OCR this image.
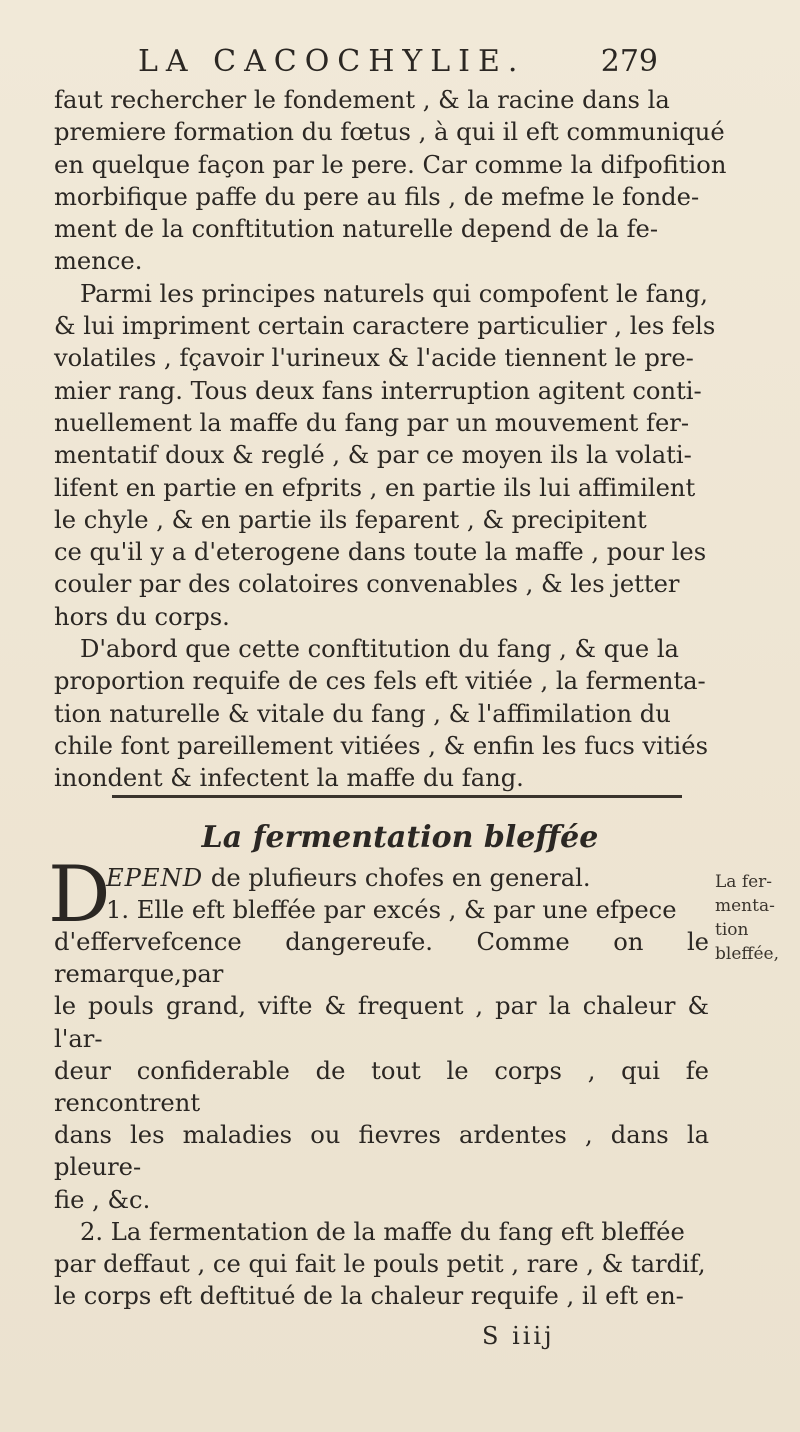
LA CACOCHYLIE.	279

faut rechercher le fondement , & la racine dans la
premiere formation du fœtus , à qui il eft communiqué
en quelque façon par le pere. Car comme la difpofition
morbifique paffe du pere au fils , de mefme le fonde-
ment de la conftitution naturelle depend de la fe-
mence.

Parmi les principes naturels qui compofent le fang,
& lui impriment certain caractere particulier , les fels
volatiles , fçavoir l'urineux & l'acide tiennent le pre-
mier rang. Tous deux fans interruption agitent conti-
nuellement la maffe du fang par un mouvement fer-
mentatif doux & reglé , & par ce moyen ils la volati-
lifent en partie en efprits , en partie ils lui affimilent
le chyle , & en partie ils feparent , & precipitent
ce qu'il y a d'eterogene dans toute la maffe , pour les
couler par des colatoires convenables , & les jetter
hors du corps.

D'abord que cette conftitution du fang , & que la
proportion requife de ces fels eft vitiée , la fermenta-
tion naturelle & vitale du fang , & l'affimilation du
chile font pareillement vitiées , & enfin les fucs vitiés
inondent & infectent la maffe du fang.

La fermentation bleffée
D
EPEND de plufieurs chofes en general.
1. Elle eft bleffée par excés , & par une efpece

d'effervefcence dangereufe. Comme on le remarque,par
le pouls grand, vifte & frequent , par la chaleur & l'ar-
deur confiderable de tout le corps , qui fe rencontrent
dans les maladies ou fievres ardentes , dans la pleure-
fie , &c.

2. La fermentation de la maffe du fang eft bleffée
par deffaut , ce qui fait le pouls petit , rare , & tardif,
le corps eft deftitué de la chaleur requife , il eft en-

La fer-
menta-
tion
bleffée,
S iiij
